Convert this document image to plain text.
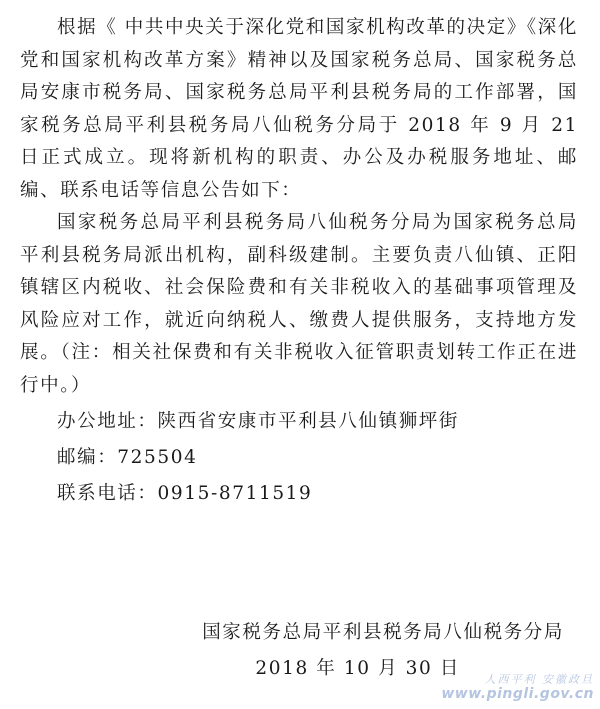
根据《 中共中央关于深化党和国家机构改革的决定》《深化党和国家机构改革方案》精神以及国家税务总局、国家税务总局安康市税务局、国家税务总局平利县税务局的工作部署，国家税务总局平利县税务局八仙税务分局于 2018 年 9 月 21 日正式成立。现将新机构的职责、办公及办税服务地址、邮编、联系电话等信息公告如下：

国家税务总局平利县税务局八仙税务分局为国家税务总局平利县税务局派出机构，副科级建制。主要负责八仙镇、正阳镇辖区内税收、社会保险费和有关非税收入的基础事项管理及风险应对工作，就近向纳税人、缴费人提供服务，支持地方发展。（注：相关社保费和有关非税收入征管职责划转工作正在进行中。）

办公地址：陕西省安康市平利县八仙镇狮坪街

邮编：725504

联系电话：0915-8711519

国家税务总局平利县税务局八仙税务分局
2018 年 10 月 30 日
人西平利 安徽政旦
www.pingli.gov.cn
